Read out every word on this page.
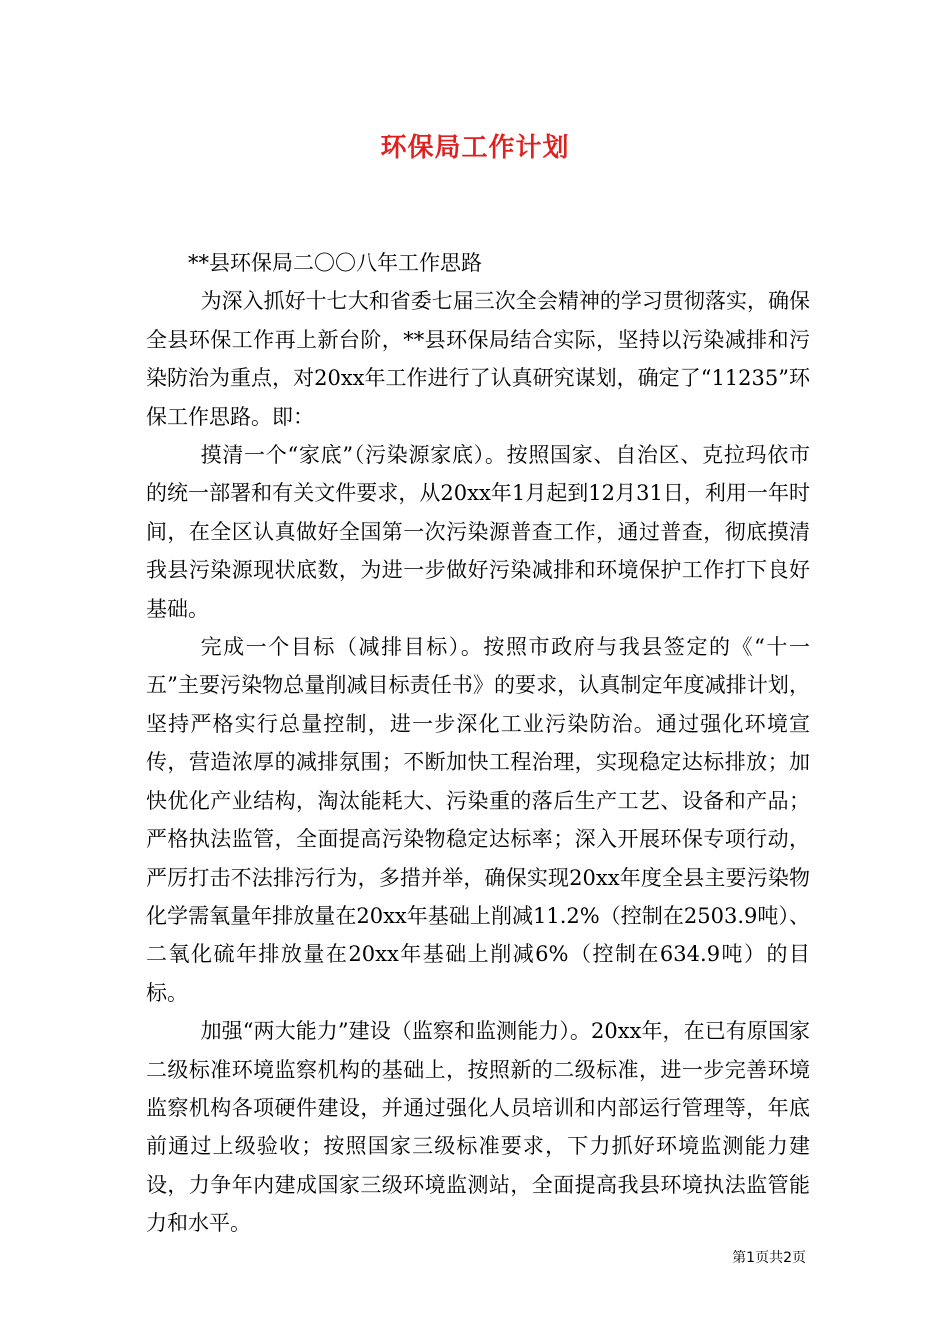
环保局工作计划

**县环保局二〇〇八年工作思路

为深入抓好十七大和省委七届三次全会精神的学习贯彻落实，确保全县环保工作再上新台阶，**县环保局结合实际，坚持以污染减排和污染防治为重点，对20xx年工作进行了认真研究谋划，确定了“11235”环保工作思路。即：

摸清一个“家底”（污染源家底）。按照国家、自治区、克拉玛依市的统一部署和有关文件要求，从20xx年1月起到12月31日，利用一年时间，在全区认真做好全国第一次污染源普查工作，通过普查，彻底摸清我县污染源现状底数，为进一步做好污染减排和环境保护工作打下良好基础。

完成一个目标（减排目标）。按照市政府与我县签定的《“十一五”主要污染物总量削减目标责任书》的要求，认真制定年度减排计划，坚持严格实行总量控制，进一步深化工业污染防治。通过强化环境宣传，营造浓厚的减排氛围；不断加快工程治理，实现稳定达标排放；加快优化产业结构，淘汰能耗大、污染重的落后生产工艺、设备和产品；严格执法监管，全面提高污染物稳定达标率；深入开展环保专项行动，严厉打击不法排污行为，多措并举，确保实现20xx年度全县主要污染物化学需氧量年排放量在20xx年基础上削减11.2%（控制在2503.9吨）、二氧化硫年排放量在20xx年基础上削减6%（控制在634.9吨）的目标。

加强“两大能力”建设（监察和监测能力）。20xx年，在已有原国家二级标准环境监察机构的基础上，按照新的二级标准，进一步完善环境监察机构各项硬件建设，并通过强化人员培训和内部运行管理等，年底前通过上级验收；按照国家三级标准要求，下力抓好环境监测能力建设，力争年内建成国家三级环境监测站，全面提高我县环境执法监管能力和水平。

第1页共2页
